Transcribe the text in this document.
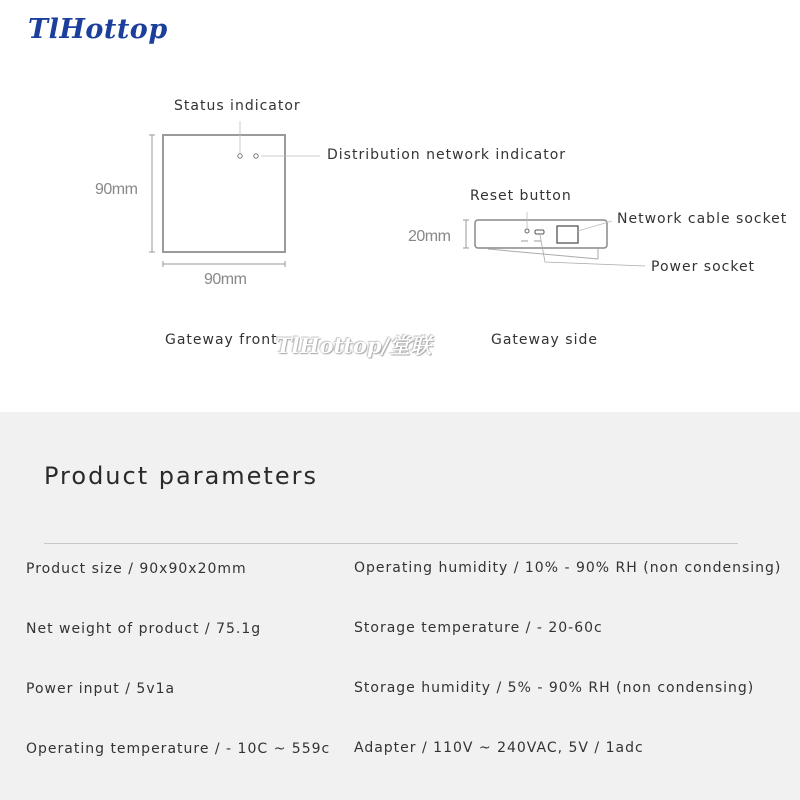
TlHottop
Status indicator
Distribution network indicator
90mm
90mm
Gateway front
Reset button
Network cable socket
Power socket
20mm
Gateway side
TlHottop/堂联
Product parameters
Product size / 90x90x20mm
Net weight of product / 75.1g
Power input / 5v1a
Operating temperature / - 10C ~ 559c
Operating humidity / 10% - 90% RH (non condensing)
Storage temperature / - 20-60c
Storage humidity / 5% - 90% RH (non condensing)
Adapter / 110V ~ 240VAC, 5V / 1adc
